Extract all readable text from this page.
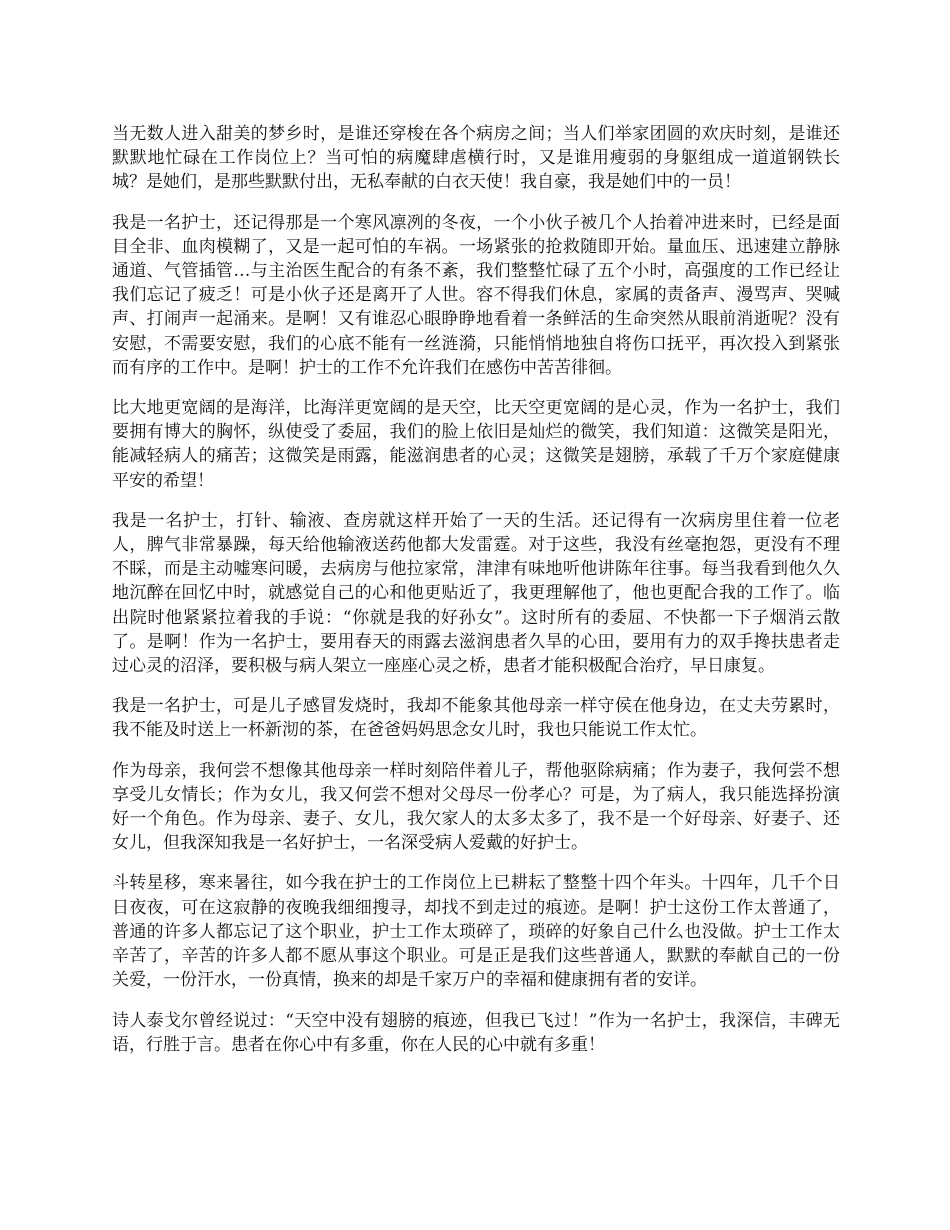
当无数人进入甜美的梦乡时，是谁还穿梭在各个病房之间；当人们举家团圆的欢庆时刻，是谁还默默地忙碌在工作岗位上？当可怕的病魔肆虐横行时，又是谁用瘦弱的身躯组成一道道钢铁长城？是她们，是那些默默付出，无私奉献的白衣天使！我自豪，我是她们中的一员！

我是一名护士，还记得那是一个寒风凛冽的冬夜，一个小伙子被几个人抬着冲进来时，已经是面目全非、血肉模糊了，又是一起可怕的车祸。一场紧张的抢救随即开始。量血压、迅速建立静脉通道、气管插管…与主治医生配合的有条不紊，我们整整忙碌了五个小时，高强度的工作已经让我们忘记了疲乏！可是小伙子还是离开了人世。容不得我们休息，家属的责备声、漫骂声、哭喊声、打闹声一起涌来。是啊！又有谁忍心眼睁睁地看着一条鲜活的生命突然从眼前消逝呢？没有安慰，不需要安慰，我们的心底不能有一丝涟漪，只能悄悄地独自将伤口抚平，再次投入到紧张而有序的工作中。是啊！护士的工作不允许我们在感伤中苦苦徘徊。

比大地更宽阔的是海洋，比海洋更宽阔的是天空，比天空更宽阔的是心灵，作为一名护士，我们要拥有博大的胸怀，纵使受了委屈，我们的脸上依旧是灿烂的微笑，我们知道：这微笑是阳光，能减轻病人的痛苦；这微笑是雨露，能滋润患者的心灵；这微笑是翅膀，承载了千万个家庭健康平安的希望！

我是一名护士，打针、输液、查房就这样开始了一天的生活。还记得有一次病房里住着一位老人，脾气非常暴躁，每天给他输液送药他都大发雷霆。对于这些，我没有丝毫抱怨，更没有不理不睬，而是主动嘘寒问暖，去病房与他拉家常，津津有味地听他讲陈年往事。每当我看到他久久地沉醉在回忆中时，就感觉自己的心和他更贴近了，我更理解他了，他也更配合我的工作了。临出院时他紧紧拉着我的手说：“你就是我的好孙女”。这时所有的委屈、不快都一下子烟消云散了。是啊！作为一名护士，要用春天的雨露去滋润患者久旱的心田，要用有力的双手搀扶患者走过心灵的沼泽，要积极与病人架立一座座心灵之桥，患者才能积极配合治疗，早日康复。

我是一名护士，可是儿子感冒发烧时，我却不能象其他母亲一样守侯在他身边，在丈夫劳累时，我不能及时送上一杯新沏的茶，在爸爸妈妈思念女儿时，我也只能说工作太忙。

作为母亲，我何尝不想像其他母亲一样时刻陪伴着儿子，帮他驱除病痛；作为妻子，我何尝不想享受儿女情长；作为女儿，我又何尝不想对父母尽一份孝心？可是，为了病人，我只能选择扮演好一个角色。作为母亲、妻子、女儿，我欠家人的太多太多了，我不是一个好母亲、好妻子、还女儿，但我深知我是一名好护士，一名深受病人爱戴的好护士。

斗转星移，寒来暑往，如今我在护士的工作岗位上已耕耘了整整十四个年头。十四年，几千个日日夜夜，可在这寂静的夜晚我细细搜寻，却找不到走过的痕迹。是啊！护士这份工作太普通了，普通的许多人都忘记了这个职业，护士工作太琐碎了，琐碎的好象自己什么也没做。护士工作太辛苦了，辛苦的许多人都不愿从事这个职业。可是正是我们这些普通人，默默的奉献自己的一份关爱，一份汗水，一份真情，换来的却是千家万户的幸福和健康拥有者的安详。

诗人泰戈尔曾经说过：“天空中没有翅膀的痕迹，但我已飞过！”作为一名护士，我深信，丰碑无语，行胜于言。患者在你心中有多重，你在人民的心中就有多重！
